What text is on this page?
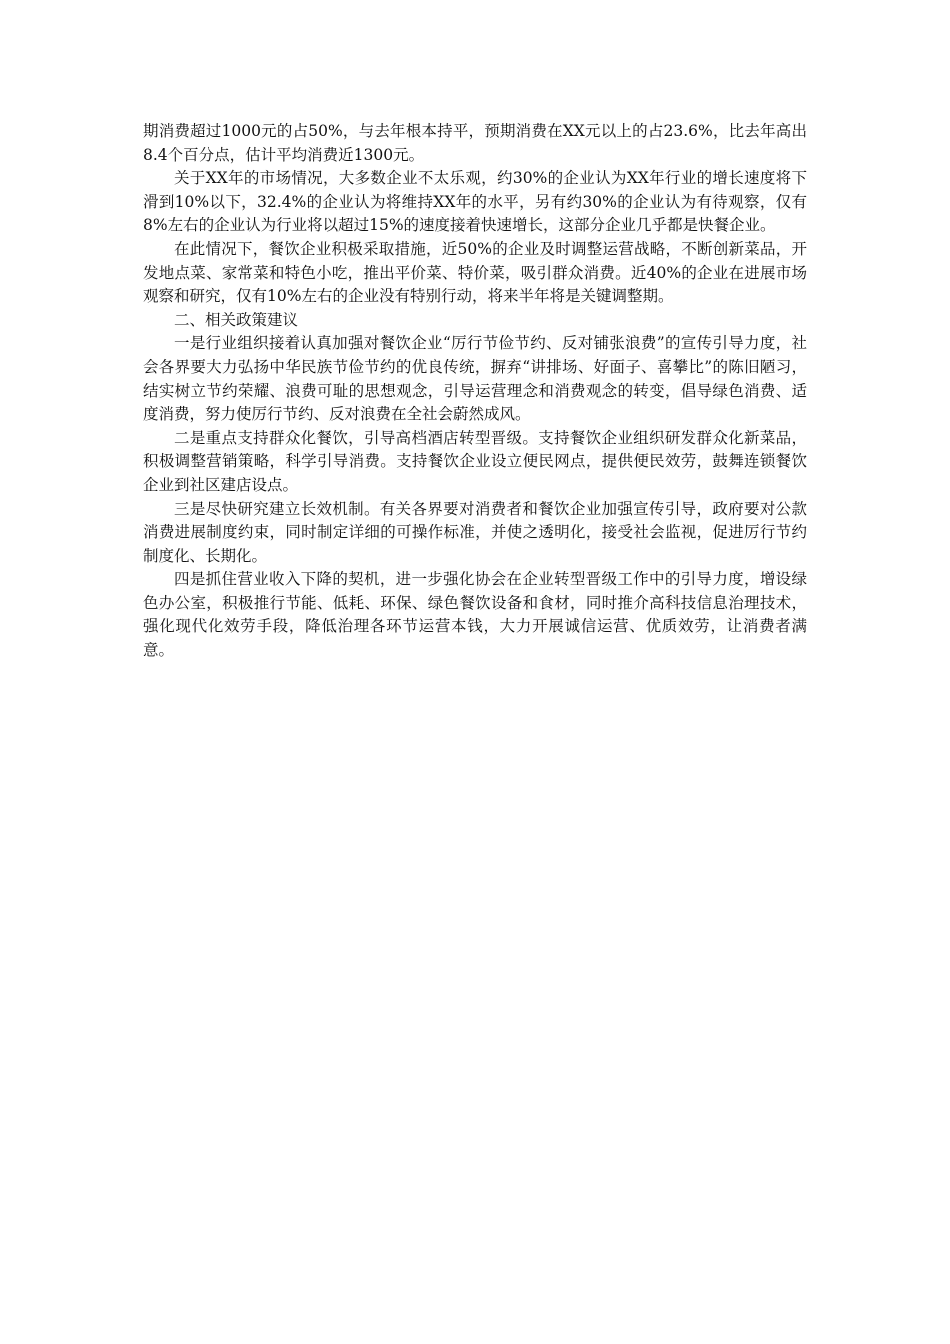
期消费超过1000元的占50%，与去年根本持平，预期消费在XX元以上的占23.6%，比去年高出8.4个百分点，估计平均消费近1300元。

关于XX年的市场情况，大多数企业不太乐观，约30%的企业认为XX年行业的增长速度将下滑到10%以下，32.4%的企业认为将维持XX年的水平，另有约30%的企业认为有待观察，仅有8%左右的企业认为行业将以超过15%的速度接着快速增长，这部分企业几乎都是快餐企业。

在此情况下，餐饮企业积极采取措施，近50%的企业及时调整运营战略，不断创新菜品，开发地点菜、家常菜和特色小吃，推出平价菜、特价菜，吸引群众消费。近40%的企业在进展市场观察和研究，仅有10%左右的企业没有特别行动，将来半年将是关键调整期。

二、相关政策建议

一是行业组织接着认真加强对餐饮企业“厉行节俭节约、反对铺张浪费”的宣传引导力度，社会各界要大力弘扬中华民族节俭节约的优良传统，摒弃“讲排场、好面子、喜攀比”的陈旧陋习，结实树立节约荣耀、浪费可耻的思想观念，引导运营理念和消费观念的转变，倡导绿色消费、适度消费，努力使厉行节约、反对浪费在全社会蔚然成风。

二是重点支持群众化餐饮，引导高档酒店转型晋级。支持餐饮企业组织研发群众化新菜品，积极调整营销策略，科学引导消费。支持餐饮企业设立便民网点，提供便民效劳，鼓舞连锁餐饮企业到社区建店设点。

三是尽快研究建立长效机制。有关各界要对消费者和餐饮企业加强宣传引导，政府要对公款消费进展制度约束，同时制定详细的可操作标准，并使之透明化，接受社会监视，促进厉行节约制度化、长期化。

四是抓住营业收入下降的契机，进一步强化协会在企业转型晋级工作中的引导力度，增设绿色办公室，积极推行节能、低耗、环保、绿色餐饮设备和食材，同时推介高科技信息治理技术，强化现代化效劳手段，降低治理各环节运营本钱，大力开展诚信运营、优质效劳，让消费者满意。
